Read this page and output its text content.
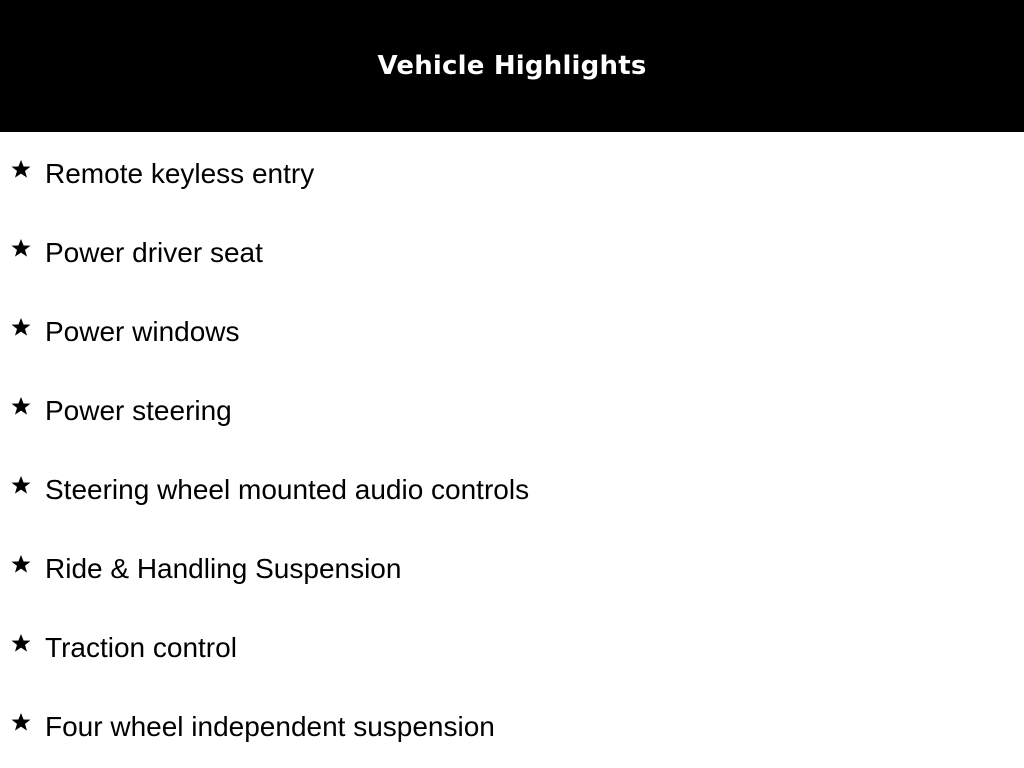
Vehicle Highlights
Remote keyless entry
Power driver seat
Power windows
Power steering
Steering wheel mounted audio controls
Ride & Handling Suspension
Traction control
Four wheel independent suspension
